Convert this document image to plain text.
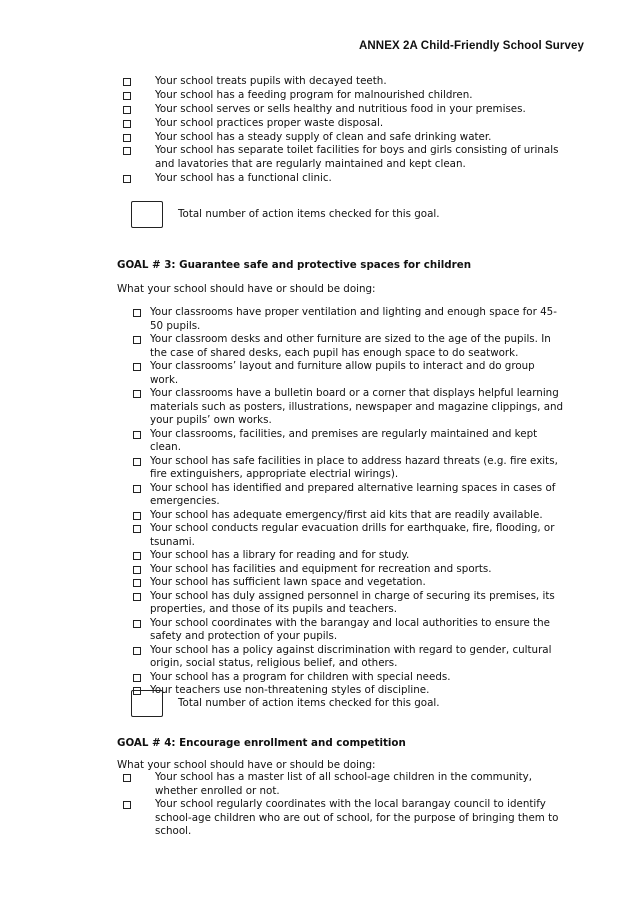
ANNEX 2A Child-Friendly School Survey
Your school treats pupils with decayed teeth.
Your school has a feeding program for malnourished children.
Your school serves or sells healthy and nutritious food in your premises.
Your school practices proper waste disposal.
Your school has a steady supply of clean and safe drinking water.
Your school has separate toilet facilities for boys and girls consisting of urinals and lavatories that are regularly maintained and kept clean.
Your school has a functional clinic.
Total number of action items checked for this goal.
GOAL # 3: Guarantee safe and protective spaces for children
What your school should have or should be doing:
Your classrooms have proper ventilation and lighting and enough space for 45-50 pupils.
Your classroom desks and other furniture are sized to the age of the pupils. In the case of shared desks, each pupil has enough space to do seatwork.
Your classrooms’ layout and furniture allow pupils to interact and do group work.
Your classrooms have a bulletin board or a corner that displays helpful learning materials such as posters, illustrations, newspaper and magazine clippings, and your pupils’ own works.
Your classrooms, facilities, and premises are regularly maintained and kept clean.
Your school has safe facilities in place to address hazard threats (e.g. fire exits, fire extinguishers, appropriate electrial wirings).
Your school has identified and prepared alternative learning spaces in cases of emergencies.
Your school has adequate emergency/first aid kits that are readily available.
Your school conducts regular evacuation drills for earthquake, fire, flooding, or tsunami.
Your school has a library for reading and for study.
Your school has facilities and equipment for recreation and sports.
Your school has sufficient lawn space and vegetation.
Your school has duly assigned personnel in charge of securing its premises, its properties, and those of its pupils and teachers.
Your school coordinates with the barangay and local authorities to ensure the safety and protection of your pupils.
Your school has a policy against discrimination with regard to gender, cultural origin, social status, religious belief, and others.
Your school has a program for children with special needs.
Your teachers use non-threatening styles of discipline.
Total number of action items checked for this goal.
GOAL # 4: Encourage enrollment and competition
What your school should have or should be doing:
Your school has a master list of all school-age children in the community, whether enrolled or not.
Your school regularly coordinates with the local barangay council to identify school-age children who are out of school, for the purpose of bringing them to school.
